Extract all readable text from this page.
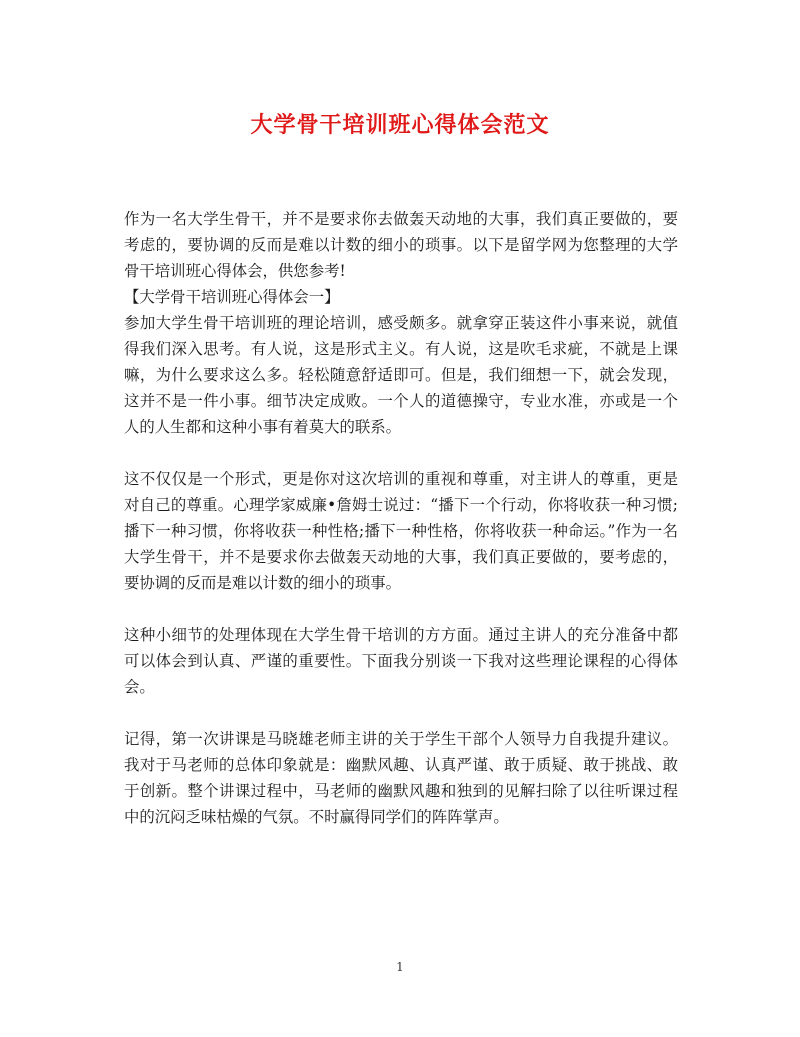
大学骨干培训班心得体会范文

作为一名大学生骨干，并不是要求你去做轰天动地的大事，我们真正要做的，要考虑的，要协调的反而是难以计数的细小的琐事。以下是留学网为您整理的大学骨干培训班心得体会，供您参考!

【大学骨干培训班心得体会一】

参加大学生骨干培训班的理论培训，感受颇多。就拿穿正装这件小事来说，就值得我们深入思考。有人说，这是形式主义。有人说，这是吹毛求疵，不就是上课嘛，为什么要求这么多。轻松随意舒适即可。但是，我们细想一下，就会发现，这并不是一件小事。细节决定成败。一个人的道德操守，专业水准，亦或是一个人的人生都和这种小事有着莫大的联系。

这不仅仅是一个形式，更是你对这次培训的重视和尊重，对主讲人的尊重，更是对自己的尊重。心理学家威廉•詹姆士说过：“播下一个行动，你将收获一种习惯;播下一种习惯，你将收获一种性格;播下一种性格，你将收获一种命运。”作为一名大学生骨干，并不是要求你去做轰天动地的大事，我们真正要做的，要考虑的，要协调的反而是难以计数的细小的琐事。

这种小细节的处理体现在大学生骨干培训的方方面。通过主讲人的充分准备中都可以体会到认真、严谨的重要性。下面我分别谈一下我对这些理论课程的心得体会。

记得，第一次讲课是马晓雄老师主讲的关于学生干部个人领导力自我提升建议。我对于马老师的总体印象就是：幽默风趣、认真严谨、敢于质疑、敢于挑战、敢于创新。整个讲课过程中，马老师的幽默风趣和独到的见解扫除了以往听课过程中的沉闷乏味枯燥的气氛。不时赢得同学们的阵阵掌声。

1
